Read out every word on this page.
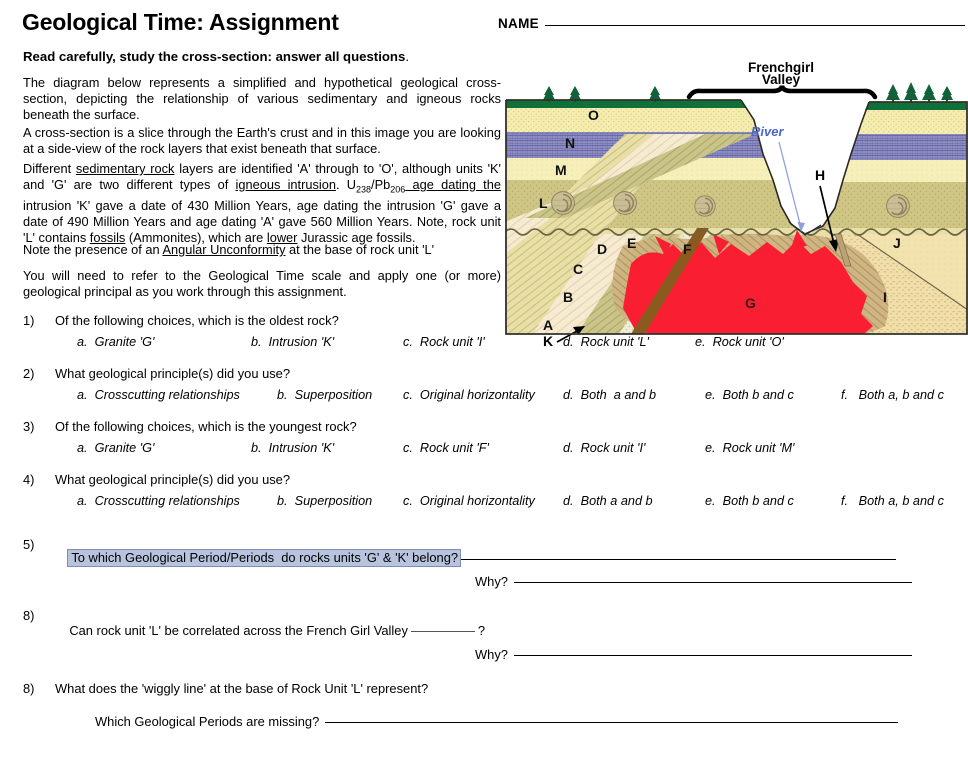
Geological Time: Assignment	NAME
Read carefully, study the cross-section: answer all questions.
The diagram below represents a simplified and hypothetical geological cross-section, depicting the relationship of various sedimentary and igneous rocks beneath the surface.
A cross-section is a slice through the Earth's crust and in this image you are looking at a side-view of the rock layers that exist beneath that surface.
Different sedimentary rock layers are identified 'A' through to 'O', although units 'K' and 'G' are two different types of igneous intrusion. $U_{238}/Pb_{206}$ age dating the intrusion 'K' gave a date of 430 Million Years, age dating the intrusion 'G' gave a date of 490 Million Years and age dating 'A' gave 560 Million Years. Note, rock unit 'L' contains fossils (Ammonites), which are lower Jurassic age fossils.
Note the presence of an Angular Unconformity at the base of rock unit 'L'
You will need to refer to the Geological Time scale and apply one (or more) geological principal as you work through this assignment.
Frenchgirl
Valley
River
H
O
N
M
L
D E	F
C
B
A
G
J
I
K
1)	Of the following choices, which is the oldest rock?
a.  Granite 'G'	b.  Intrusion 'K'	c.  Rock unit 'I'	d.  Rock unit 'L'	e.  Rock unit 'O'
2)	What geological principle(s) did you use?
a.  Crosscutting relationships	b.  Superposition c.  Original horizontality d.  Both  a and b	e.  Both b and c	f.   Both a, b and c
3)	Of the following choices, which is the youngest rock?
a.  Granite 'G'	b.  Intrusion 'K'	c.  Rock unit 'F'	d.  Rock unit 'I'	e.  Rock unit 'M'
4)	What geological principle(s) did you use?
a.  Crosscutting relationships	b.  Superposition c.  Original horizontality d.  Both a and b	e.  Both b and c	f.   Both a, b and c
5)

To which Geological Period/Periods  do rocks units 'G' & 'K' belong?

Why?
8)

Can rock unit 'L' be correlated across the French Girl Valley	?

Why?
8)	What does the 'wiggly line' at the base of Rock Unit 'L' represent?
Which Geological Periods are missing?
